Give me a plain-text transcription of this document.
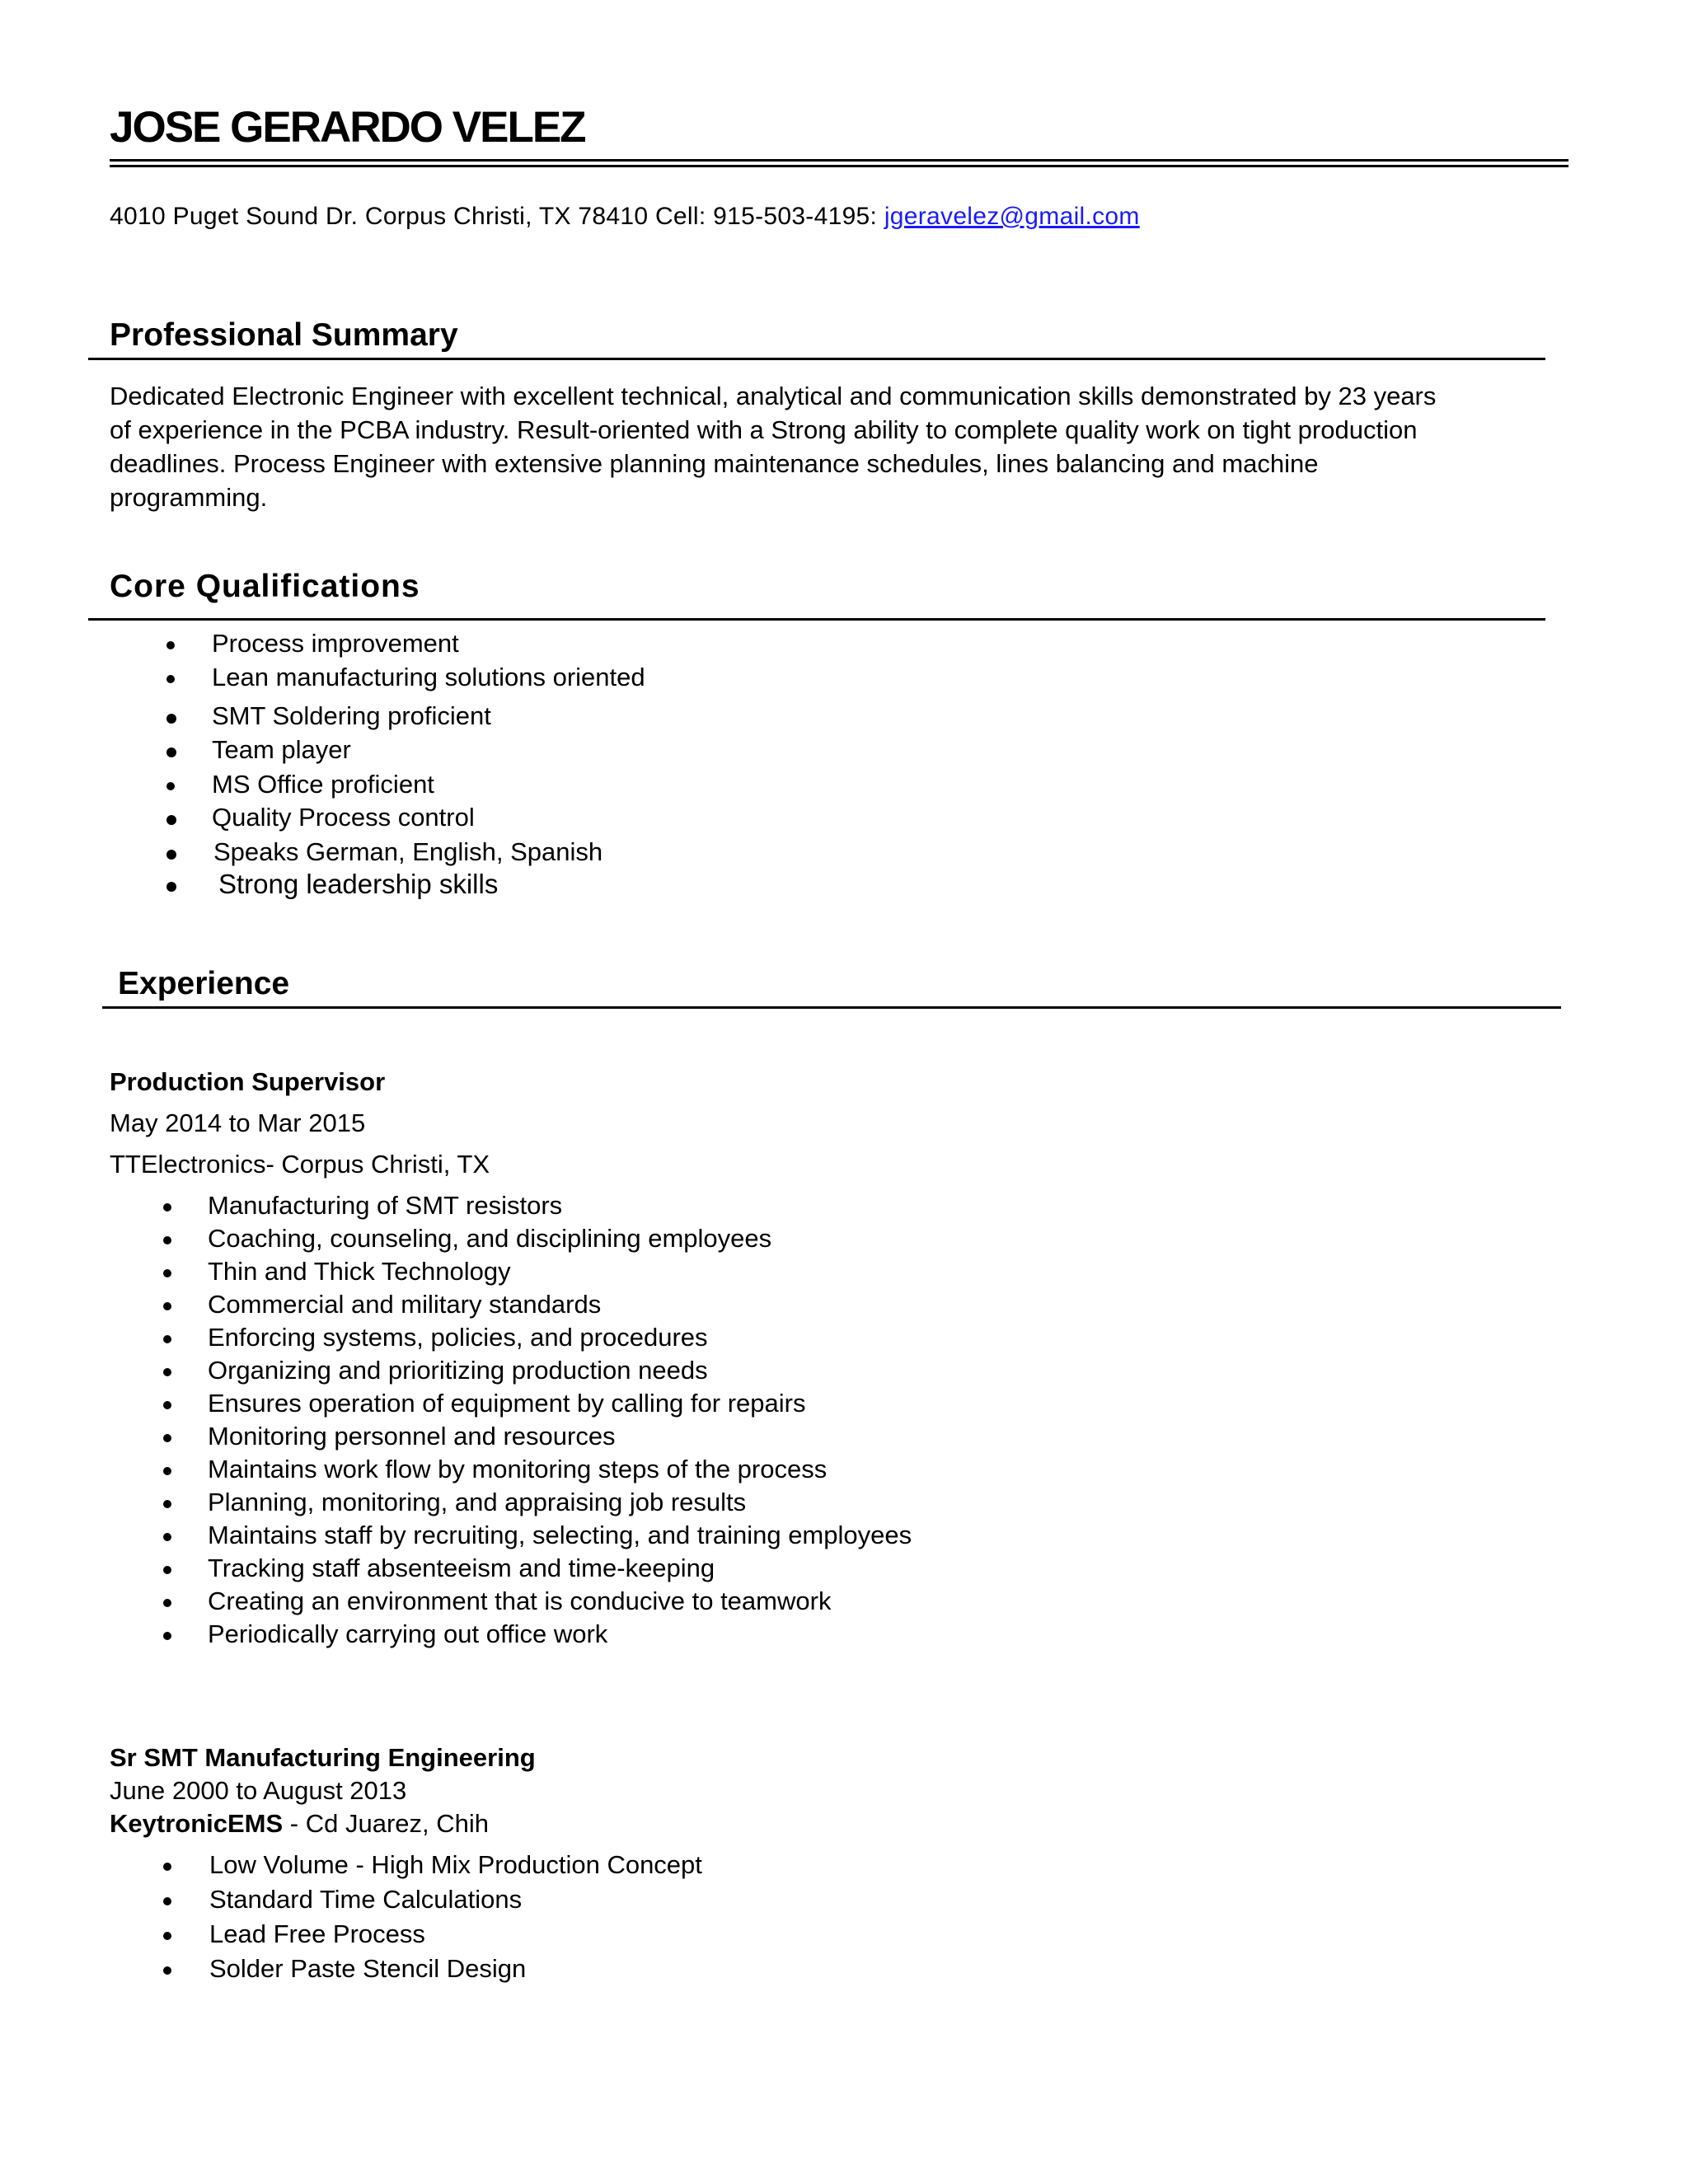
JOSE GERARDO VELEZ
4010 Puget Sound Dr. Corpus Christi, TX 78410 Cell: 915-503-4195: jgeravelez@gmail.com
Professional Summary

Dedicated Electronic Engineer with excellent technical, analytical and communication skills demonstrated by 23 years

of experience in the PCBA industry. Result-oriented with a Strong ability to complete quality work on tight production

deadlines. Process Engineer with extensive planning maintenance schedules, lines balancing and machine

programming.

Core Qualifications
Process improvement
Lean manufacturing solutions oriented
SMT Soldering proficient
Team player
MS Office proficient
Quality Process control
Speaks German, English, Spanish
Strong leadership skills
Experience
Production Supervisor
May 2014 to Mar 2015
TTElectronics- Corpus Christi, TX
Manufacturing of SMT resistors
Coaching, counseling, and disciplining employees
Thin and Thick Technology
Commercial and military standards
Enforcing systems, policies, and procedures
Organizing and prioritizing production needs
Ensures operation of equipment by calling for repairs
Monitoring personnel and resources
Maintains work flow by monitoring steps of the process
Planning, monitoring, and appraising job results
Maintains staff by recruiting, selecting, and training employees
Tracking staff absenteeism and time-keeping
Creating an environment that is conducive to teamwork
Periodically carrying out office work
Sr SMT Manufacturing Engineering
June 2000 to August 2013
KeytronicEMS - Cd Juarez, Chih
Low Volume - High Mix Production Concept
Standard Time Calculations
Lead Free Process
Solder Paste Stencil Design
